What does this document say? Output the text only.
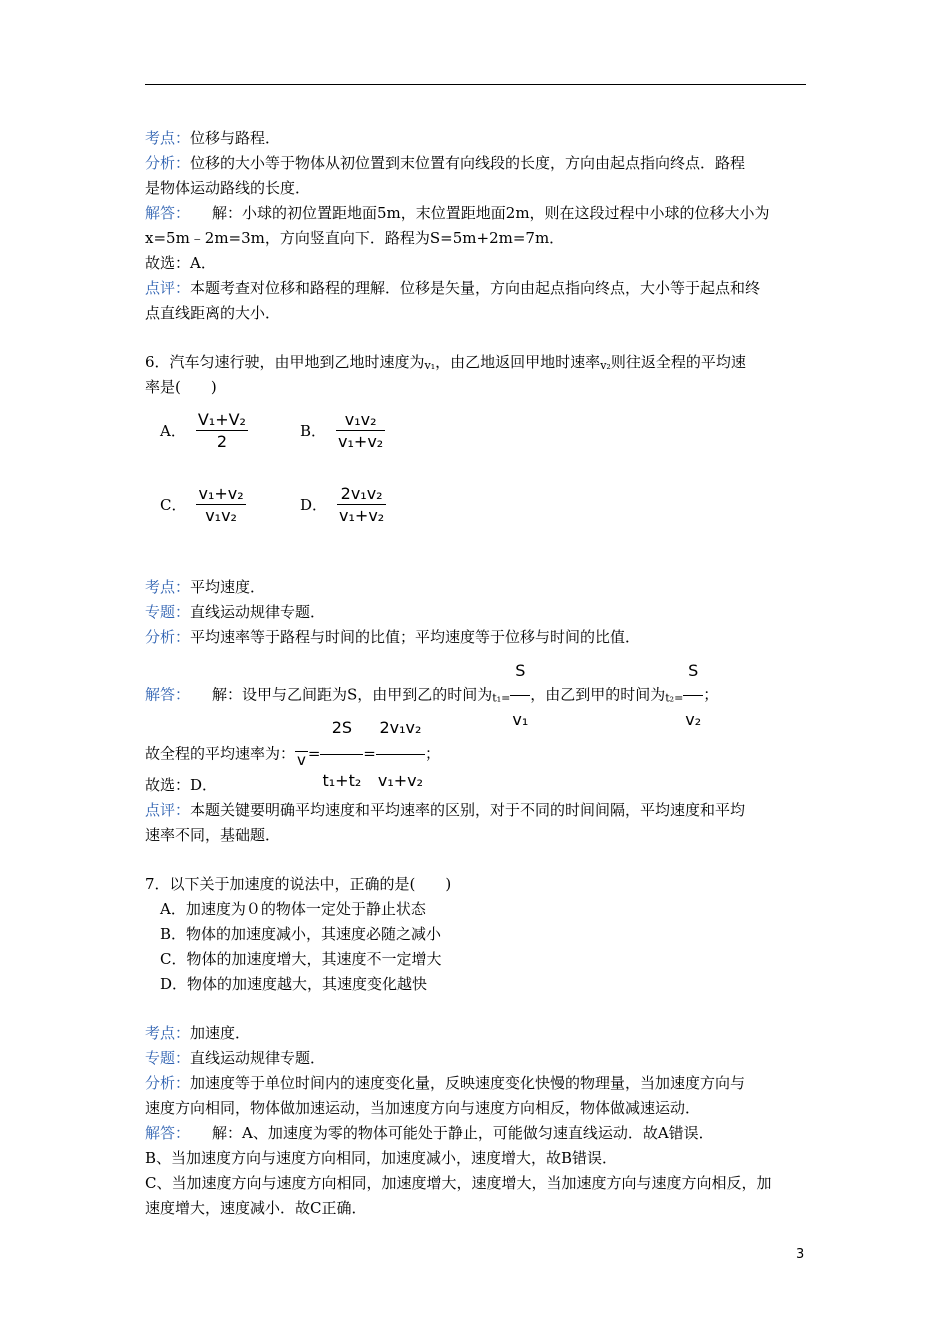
考点：位移与路程．
分析：位移的大小等于物体从初位置到末位置有向线段的长度，方向由起点指向终点．路程
是物体运动路线的长度．
解答： 解：小球的初位置距地面5m，末位置距地面2m，则在这段过程中小球的位移大小为
x=5m﹣2m=3m，方向竖直向下．路程为S=5m+2m=7m．
故选：A．
点评：本题考查对位移和路程的理解．位移是矢量，方向由起点指向终点，大小等于起点和终
点直线距离的大小．
6．汽车匀速行驶，由甲地到乙地时速度为v₁，由乙地返回甲地时速率v₂则往返全程的平均速
率是(　　)
A． $\frac{\text{V₁+V₂}}{2}$	B． $\frac{\text{v₁v₂}}{\text{v₁+v₂}}$
C． $\frac{\text{v₁+v₂}}{\text{v₁v₂}}$	D． $\frac{\text{2v₁v₂}}{\text{v₁+v₂}}$
考点：平均速度．
专题：直线运动规律专题．
分析：平均速率等于路程与时间的比值；平均速度等于位移与时间的比值．
解答： 解：设甲与乙间距为S，由甲到乙的时间为$t_1= \frac{S}{\text{v₁}}$ ，由乙到甲的时间为$t_2= \frac{S}{\text{v₂}}$ ；
故全程的平均速率为： $v = \frac{2S}{\text{t₁+t₂}} = \frac{\text{2v₁v₂}}{\text{v₁+v₂}}$ ；
故选：D．
点评：本题关键要明确平均速度和平均速率的区别，对于不同的时间间隔，平均速度和平均
速率不同，基础题．
7．以下关于加速度的说法中，正确的是(　　)
A．加速度为０的物体一定处于静止状态
B．物体的加速度减小，其速度必随之减小
C．物体的加速度增大，其速度不一定增大
D．物体的加速度越大，其速度变化越快
考点：加速度．
专题：直线运动规律专题．
分析：加速度等于单位时间内的速度变化量，反映速度变化快慢的物理量，当加速度方向与
速度方向相同，物体做加速运动，当加速度方向与速度方向相反，物体做减速运动．
解答： 解：A、加速度为零的物体可能处于静止，可能做匀速直线运动．故A错误．
B、当加速度方向与速度方向相同，加速度减小，速度增大，故B错误．
C、当加速度方向与速度方向相同，加速度增大，速度增大，当加速度方向与速度方向相反，加
速度增大，速度减小．故C正确．
3
